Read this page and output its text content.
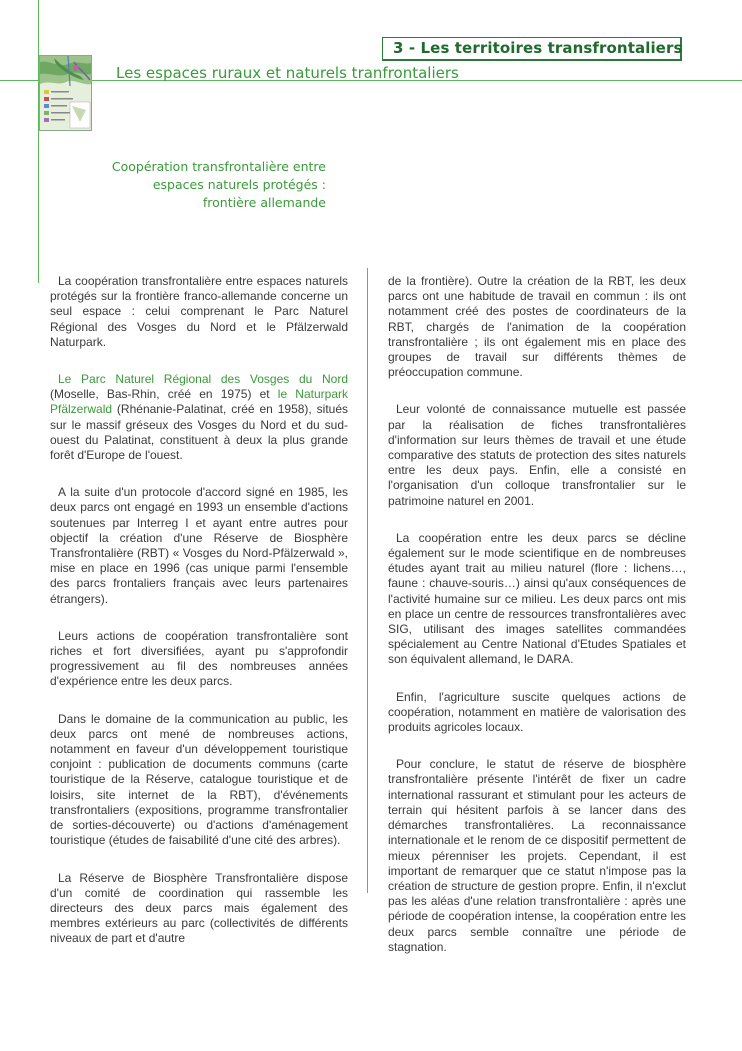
3 - Les territoires transfrontaliers
Les espaces ruraux et naturels tranfrontaliers
Coopération transfrontalière entre
espaces naturels protégés :
frontière allemande

La coopération transfrontalière entre espaces naturels protégés sur la frontière franco-allemande concerne un seul espace : celui comprenant le Parc Naturel Régional des Vosges du Nord et le Pfälzerwald Naturpark.

Le Parc Naturel Régional des Vosges du Nord (Moselle, Bas-Rhin, créé en 1975) et le Naturpark Pfälzerwald (Rhénanie-Palatinat, créé en 1958), situés sur le massif gréseux des Vosges du Nord et du sud-ouest du Palatinat, constituent à deux la plus grande forêt d'Europe de l'ouest.

A la suite d'un protocole d'accord signé en 1985, les deux parcs ont engagé en 1993 un ensemble d'actions soutenues par Interreg I et ayant entre autres pour objectif la création d'une Réserve de Biosphère Transfrontalière (RBT) « Vosges du Nord-Pfälzerwald », mise en place en 1996 (cas unique parmi l'ensemble des parcs frontaliers français avec leurs partenaires étrangers).

Leurs actions de coopération transfrontalière sont riches et fort diversifiées, ayant pu s'approfondir progressivement au fil des nombreuses années d'expérience entre les deux parcs.

Dans le domaine de la communication au public, les deux parcs ont mené de nombreuses actions, notamment en faveur d'un développement touristique conjoint : publication de documents communs (carte touristique de la Réserve, catalogue touristique et de loisirs, site internet de la RBT), d'événements transfrontaliers (expositions, programme transfrontalier de sorties-découverte) ou d'actions d'aménagement touristique (études de faisabilité d'une cité des arbres).

La Réserve de Biosphère Transfrontalière dispose d'un comité de coordination qui rassemble les directeurs des deux parcs mais également des membres extérieurs au parc (collectivités de différents niveaux de part et d'autre

de la frontière). Outre la création de la RBT, les deux parcs ont une habitude de travail en commun : ils ont notamment créé des postes de coordinateurs de la RBT, chargés de l'animation de la coopération transfrontalière ; ils ont également mis en place des groupes de travail sur différents thèmes de préoccupation commune.

Leur volonté de connaissance mutuelle est passée par la réalisation de fiches transfrontalières d'information sur leurs thèmes de travail et une étude comparative des statuts de protection des sites naturels entre les deux pays. Enfin, elle a consisté en l'organisation d'un colloque transfrontalier sur le patrimoine naturel en 2001.

La coopération entre les deux parcs se décline également sur le mode scientifique en de nombreuses études ayant trait au milieu naturel (flore : lichens…, faune : chauve-souris…) ainsi qu'aux conséquences de l'activité humaine sur ce milieu. Les deux parcs ont mis en place un centre de ressources transfrontalières avec SIG, utilisant des images satellites commandées spécialement au Centre National d'Etudes Spatiales et son équivalent allemand, le DARA.

Enfin, l'agriculture suscite quelques actions de coopération, notamment en matière de valorisation des produits agricoles locaux.

Pour conclure, le statut de réserve de biosphère transfrontalière présente l'intérêt de fixer un cadre international rassurant et stimulant pour les acteurs de terrain qui hésitent parfois à se lancer dans des démarches transfrontalières. La reconnaissance internationale et le renom de ce dispositif permettent de mieux pérenniser les projets. Cependant, il est important de remarquer que ce statut n'impose pas la création de structure de gestion propre. Enfin, il n'exclut pas les aléas d'une relation transfrontalière : après une période de coopération intense, la coopération entre les deux parcs semble connaître une période de stagnation.
